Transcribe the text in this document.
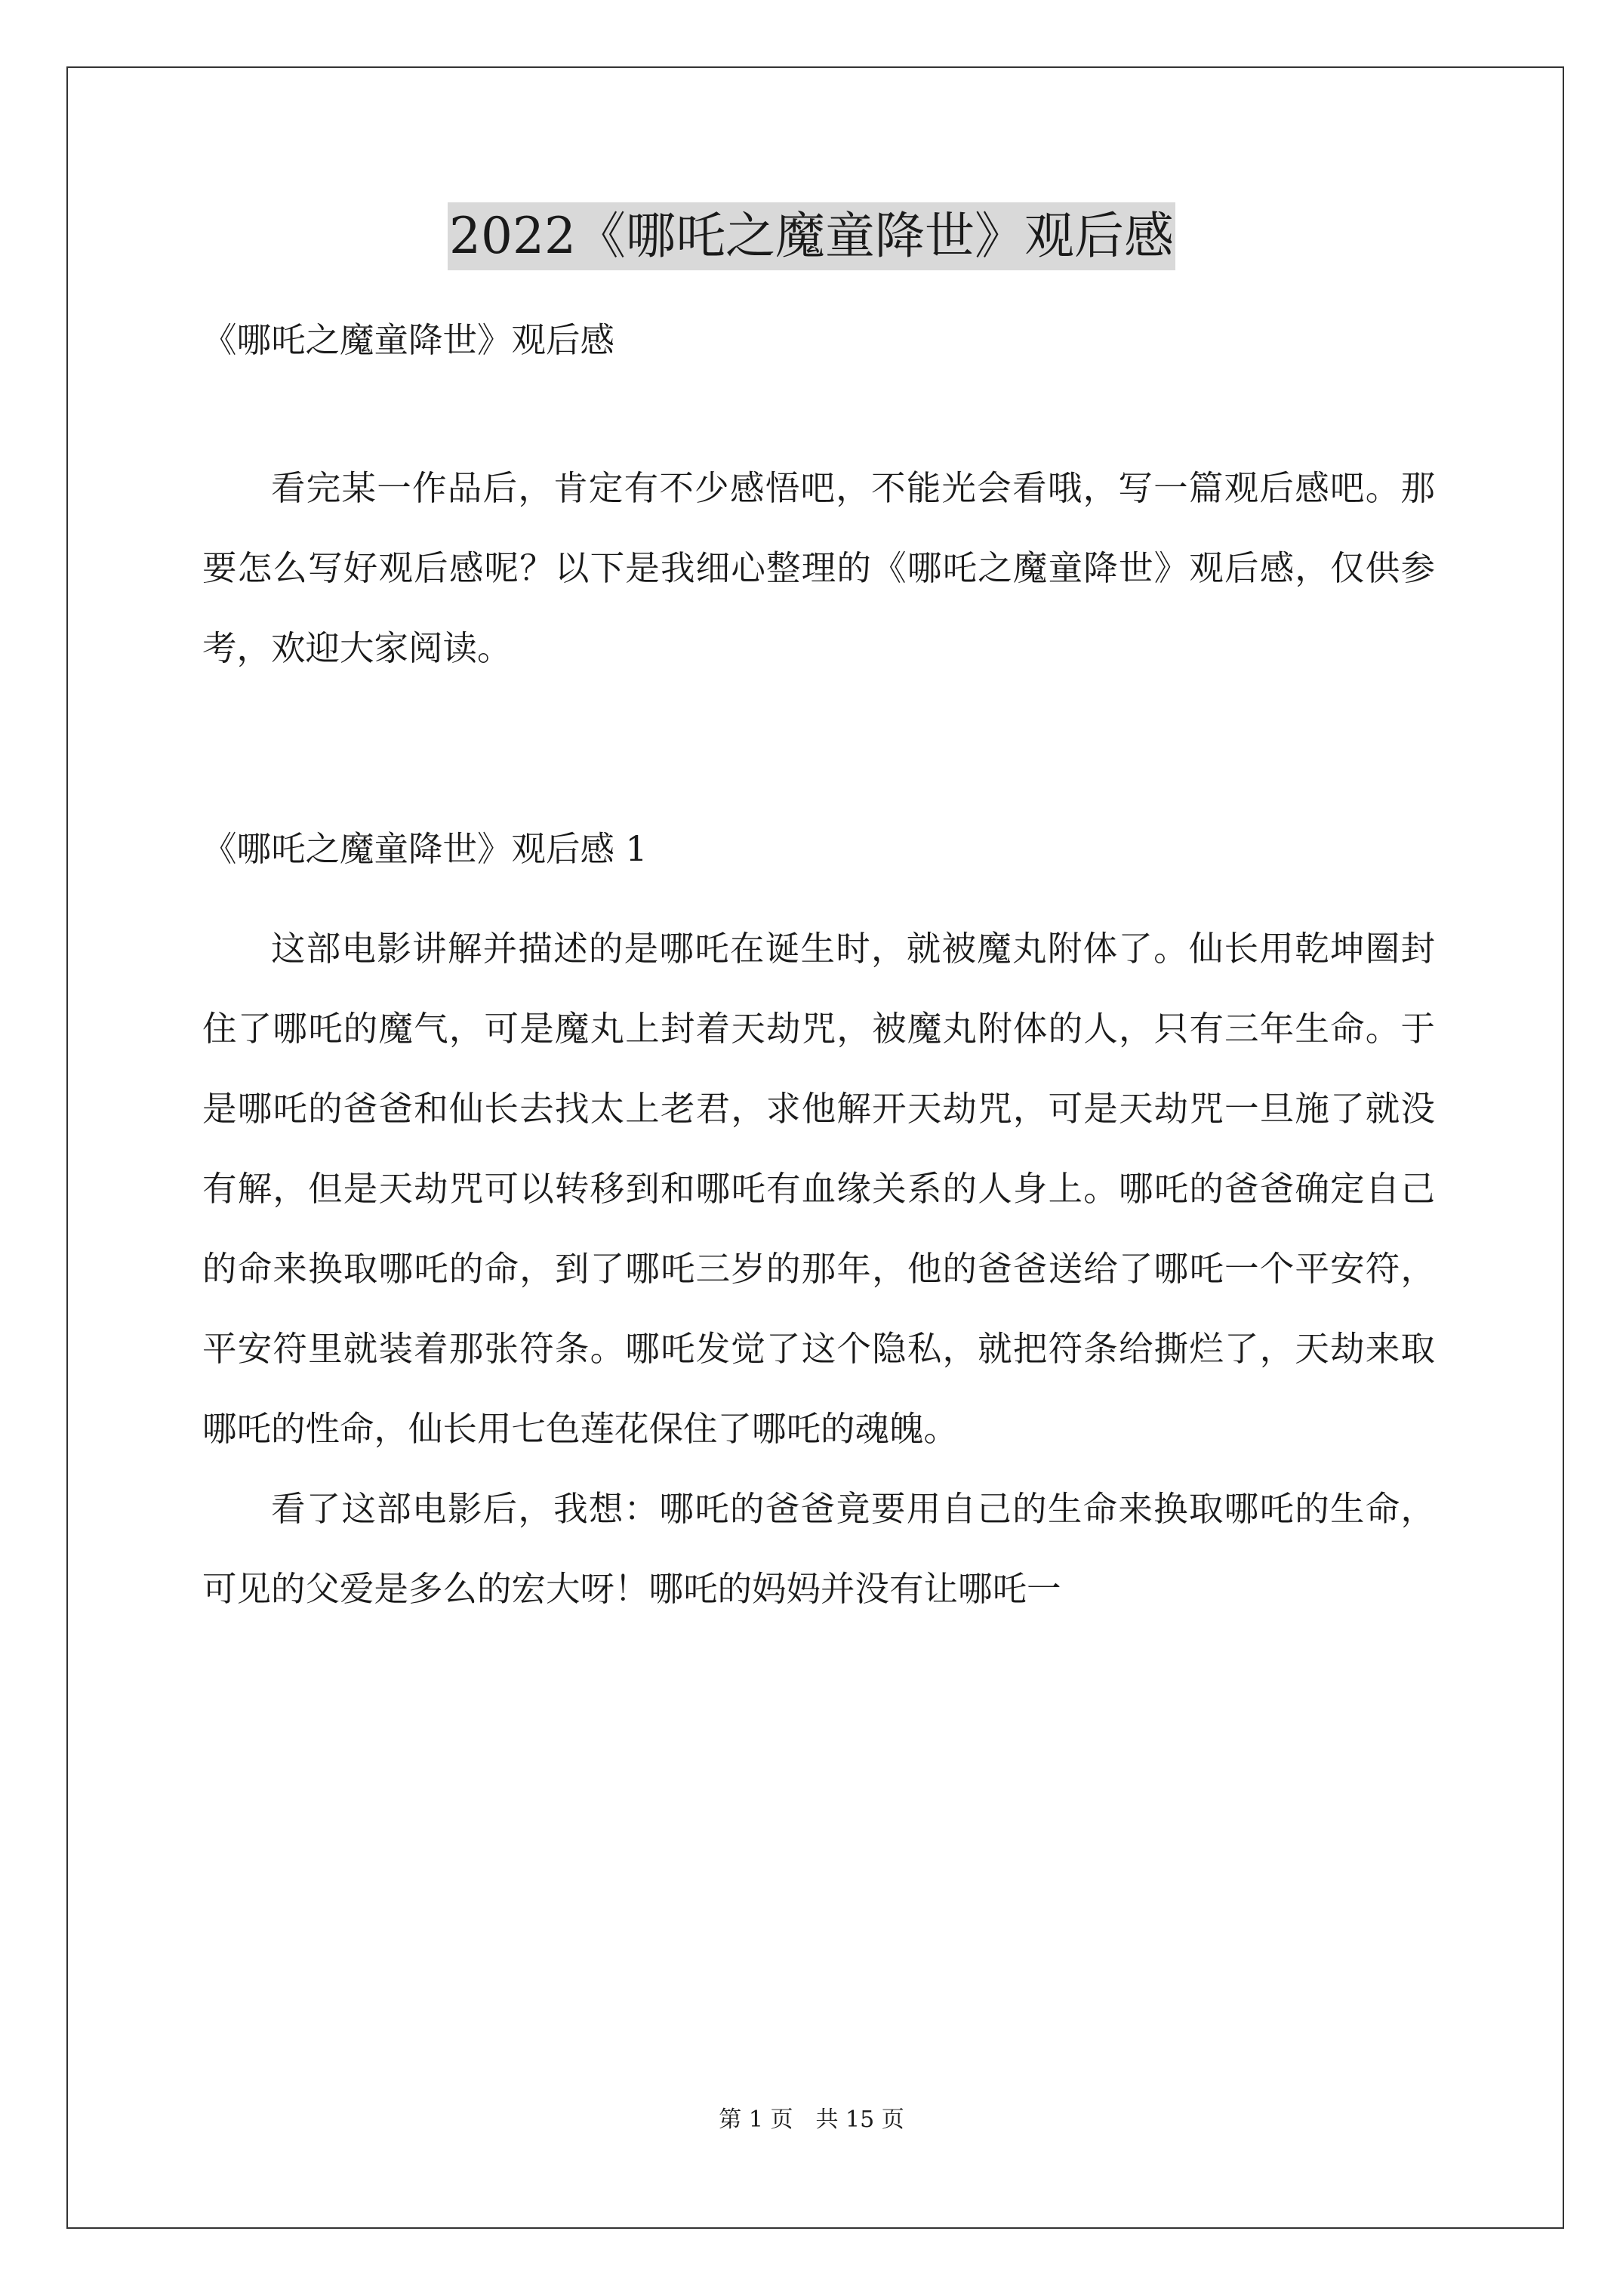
2022《哪吒之魔童降世》观后感

《哪吒之魔童降世》观后感

看完某一作品后，肯定有不少感悟吧，不能光会看哦，写一篇观后感吧。那要怎么写好观后感呢？以下是我细心整理的《哪吒之魔童降世》观后感，仅供参考，欢迎大家阅读。

《哪吒之魔童降世》观后感 1

这部电影讲解并描述的是哪吒在诞生时，就被魔丸附体了。仙长用乾坤圈封住了哪吒的魔气，可是魔丸上封着天劫咒，被魔丸附体的人，只有三年生命。于是哪吒的爸爸和仙长去找太上老君，求他解开天劫咒，可是天劫咒一旦施了就没有解，但是天劫咒可以转移到和哪吒有血缘关系的人身上。哪吒的爸爸确定自己的命来换取哪吒的命，到了哪吒三岁的那年，他的爸爸送给了哪吒一个平安符，平安符里就装着那张符条。哪吒发觉了这个隐私，就把符条给撕烂了，天劫来取哪吒的性命，仙长用七色莲花保住了哪吒的魂魄。

看了这部电影后，我想：哪吒的爸爸竟要用自己的生命来换取哪吒的生命，可见的父爱是多么的宏大呀！哪吒的妈妈并没有让哪吒一

第 1 页　共 15 页
